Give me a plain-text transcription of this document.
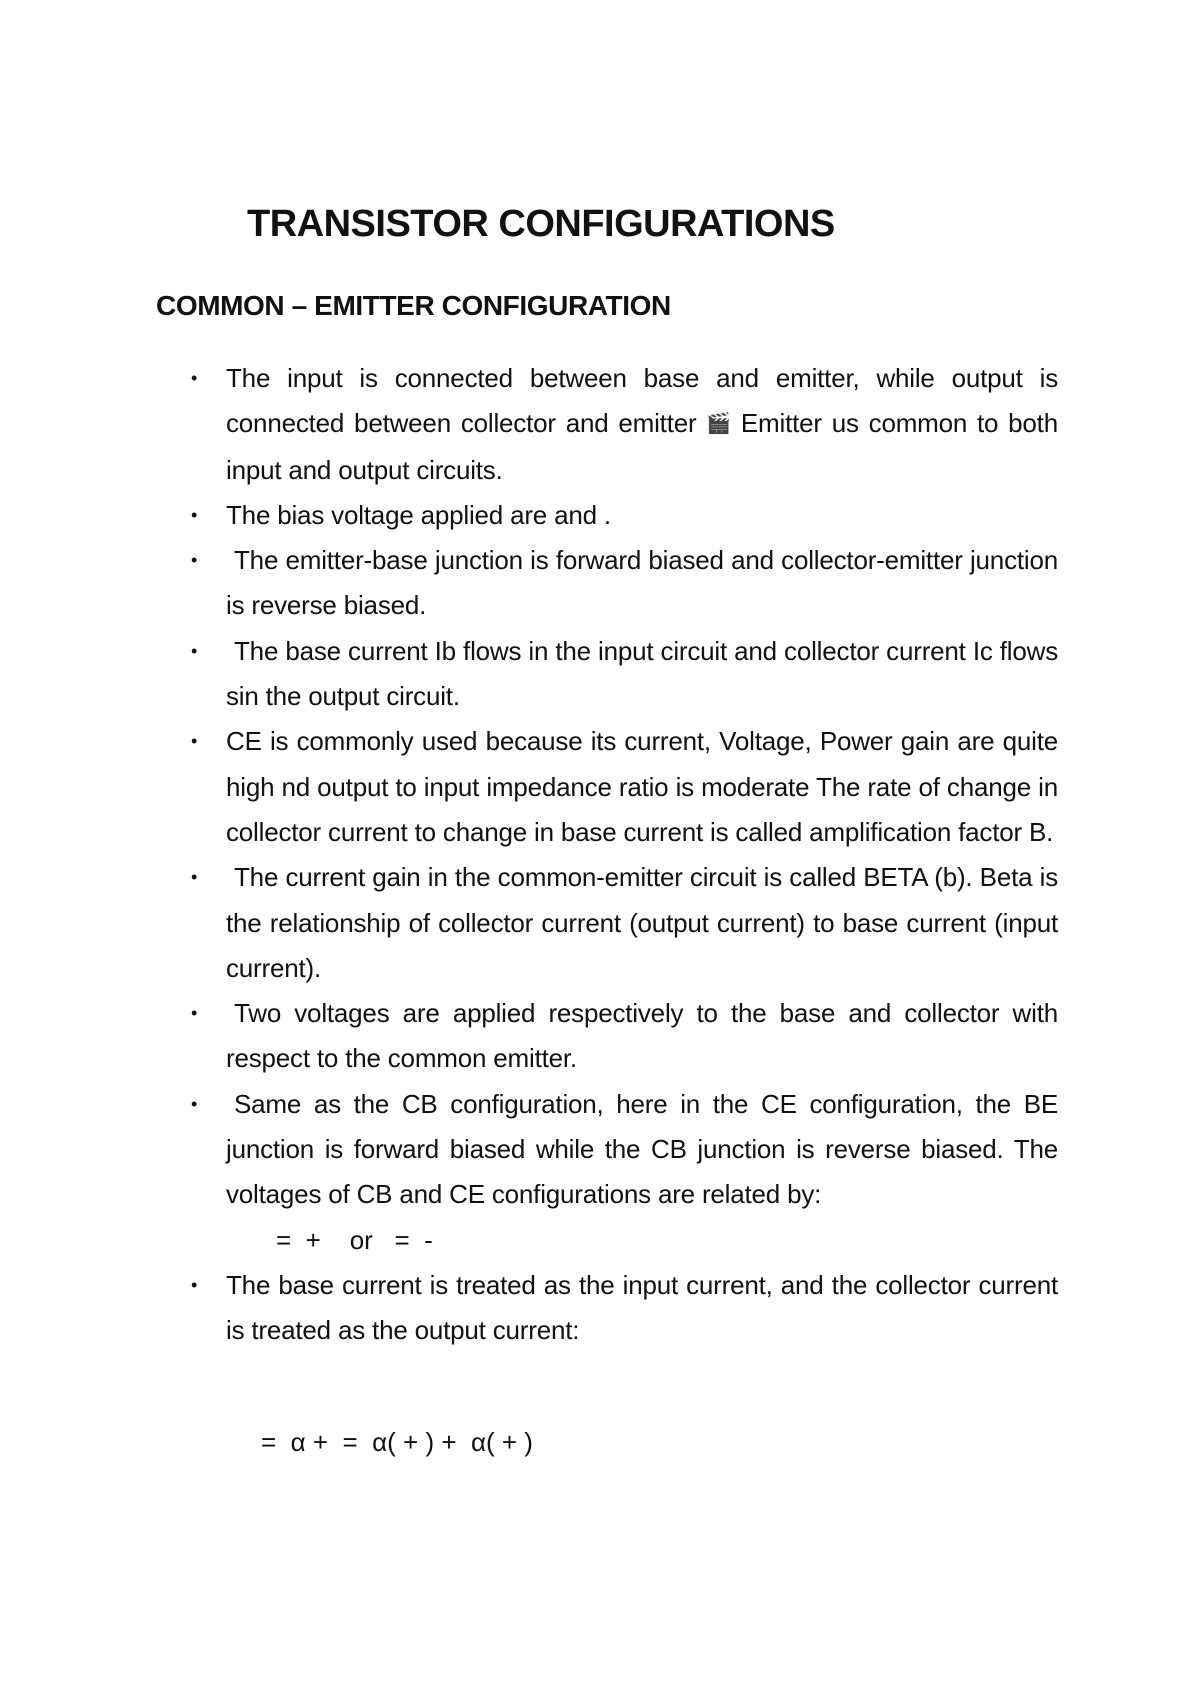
TRANSISTOR CONFIGURATIONS
COMMON – EMITTER CONFIGURATION
• The input is connected between base and emitter, while output is connected between collector and emitter 🎬 Emitter us common to both input and output circuits.

• The bias voltage applied are and .

•	The emitter-base junction is forward biased and collector-emitter junction is reverse biased.

•	The base current Ib flows in the input circuit and collector current Ic flows sin the output circuit.

• CE is commonly used because its current, Voltage, Power gain are quite high nd output to input impedance ratio is moderate The rate of change in collector current to change in base current is called amplification factor B.

•	The current gain in the common-emitter circuit is called BETA (b). Beta is the relationship of collector current (output current) to base current (input current).

•	Two voltages are applied respectively to the base and collector with respect to the common emitter.

•	Same as the CB configuration, here in the CE configuration, the BE junction is forward biased while the CB junction is reverse biased. The voltages of CB and CE configurations are related by:

=  +    or   =  -

• The base current is treated as the input current, and the collector current is treated as the output current:

=  α +  =  α( + ) +  α( + )
